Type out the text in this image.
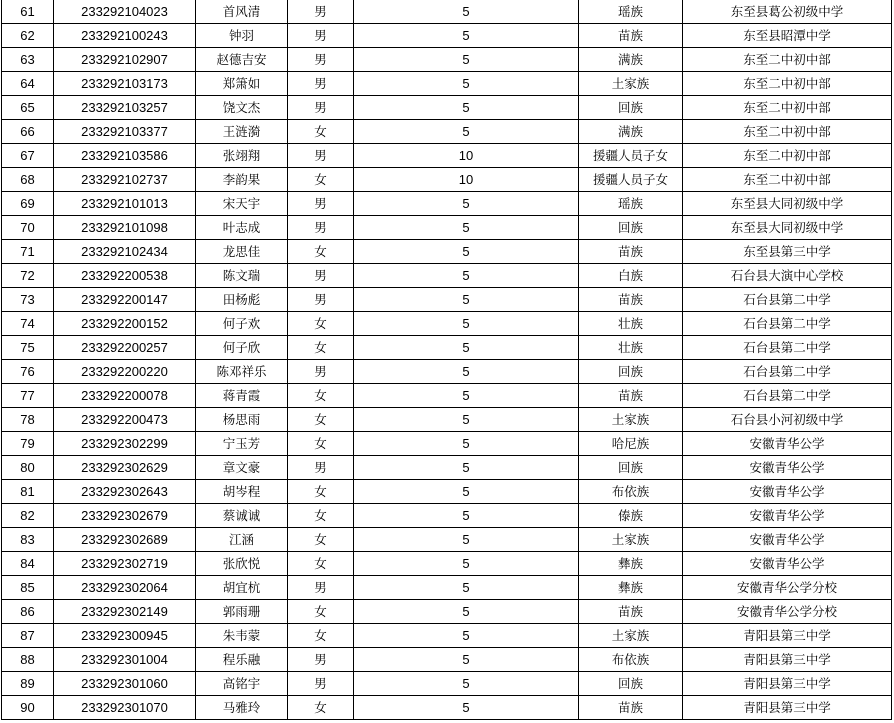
61	233292104023	首风清	男	5	瑶族	东至县葛公初级中学
62	233292100243	钟羽	男	5	苗族	东至县昭潭中学
63	233292102907	赵德吉安	男	5	满族	东至二中初中部
64	233292103173	郑箫如	男	5	土家族	东至二中初中部
65	233292103257	饶文杰	男	5	回族	东至二中初中部
66	233292103377	王涟漪	女	5	满族	东至二中初中部
67	233292103586	张翊翔	男	10	援疆人员子女	东至二中初中部
68	233292102737	李韵果	女	10	援疆人员子女	东至二中初中部
69	233292101013	宋天宇	男	5	瑶族	东至县大同初级中学
70	233292101098	叶志成	男	5	回族	东至县大同初级中学
71	233292102434	龙思佳	女	5	苗族	东至县第三中学
72	233292200538	陈文瑞	男	5	白族	石台县大演中心学校
73	233292200147	田杨彪	男	5	苗族	石台县第二中学
74	233292200152	何子欢	女	5	壮族	石台县第二中学
75	233292200257	何子欣	女	5	壮族	石台县第二中学
76	233292200220	陈邓祥乐	男	5	回族	石台县第二中学
77	233292200078	蒋青霞	女	5	苗族	石台县第二中学
78	233292200473	杨思雨	女	5	土家族	石台县小河初级中学
79	233292302299	宁玉芳	女	5	哈尼族	安徽青华公学
80	233292302629	章文豪	男	5	回族	安徽青华公学
81	233292302643	胡岑程	女	5	布依族	安徽青华公学
82	233292302679	蔡诚诚	女	5	傣族	安徽青华公学
83	233292302689	江涵	女	5	土家族	安徽青华公学
84	233292302719	张欣悦	女	5	彝族	安徽青华公学
85	233292302064	胡宜杭	男	5	彝族	安徽青华公学分校
86	233292302149	郭雨珊	女	5	苗族	安徽青华公学分校
87	233292300945	朱韦蒙	女	5	土家族	青阳县第三中学
88	233292301004	程乐融	男	5	布依族	青阳县第三中学
89	233292301060	高铭宇	男	5	回族	青阳县第三中学
90	233292301070	马雅玲	女	5	苗族	青阳县第三中学
